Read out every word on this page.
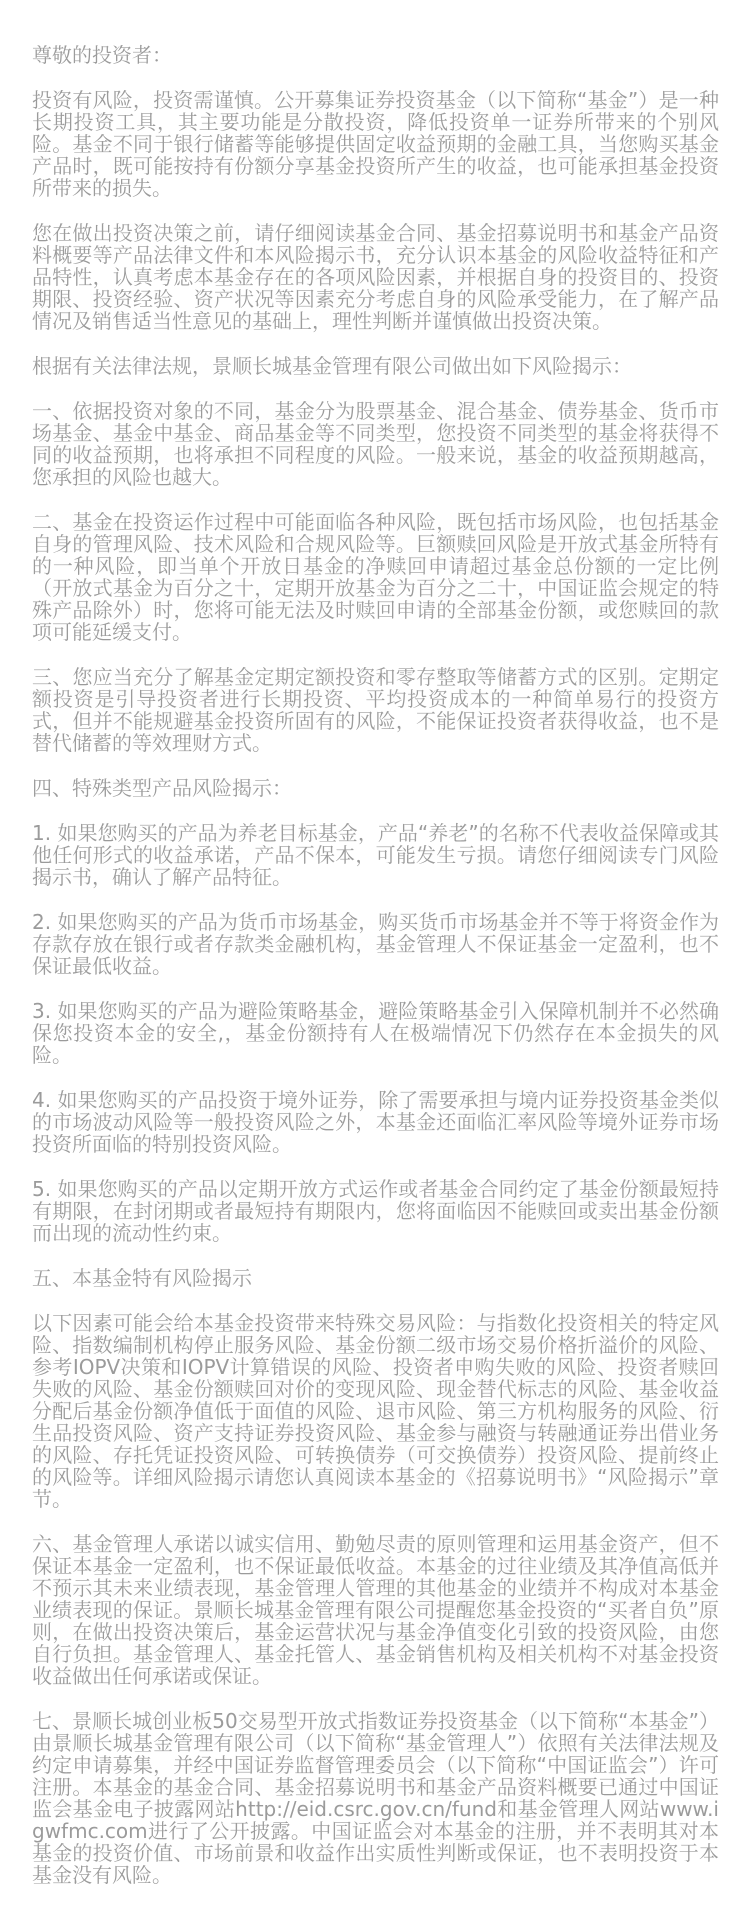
尊敬的投资者：

投资有风险，投资需谨慎。公开募集证券投资基金（以下简称“基金”）是一种长期投资工具，其主要功能是分散投资，降低投资单一证券所带来的个别风险。基金不同于银行储蓄等能够提供固定收益预期的金融工具，当您购买基金产品时，既可能按持有份额分享基金投资所产生的收益，也可能承担基金投资所带来的损失。

您在做出投资决策之前，请仔细阅读基金合同、基金招募说明书和基金产品资料概要等产品法律文件和本风险揭示书，充分认识本基金的风险收益特征和产品特性，认真考虑本基金存在的各项风险因素，并根据自身的投资目的、投资期限、投资经验、资产状况等因素充分考虑自身的风险承受能力，在了解产品情况及销售适当性意见的基础上，理性判断并谨慎做出投资决策。

根据有关法律法规，景顺长城基金管理有限公司做出如下风险揭示：

一、依据投资对象的不同，基金分为股票基金、混合基金、债券基金、货币市场基金、基金中基金、商品基金等不同类型，您投资不同类型的基金将获得不同的收益预期，也将承担不同程度的风险。一般来说，基金的收益预期越高，您承担的风险也越大。

二、基金在投资运作过程中可能面临各种风险，既包括市场风险，也包括基金自身的管理风险、技术风险和合规风险等。巨额赎回风险是开放式基金所特有的一种风险，即当单个开放日基金的净赎回申请超过基金总份额的一定比例（开放式基金为百分之十，定期开放基金为百分之二十，中国证监会规定的特殊产品除外）时，您将可能无法及时赎回申请的全部基金份额，或您赎回的款项可能延缓支付。

三、您应当充分了解基金定期定额投资和零存整取等储蓄方式的区别。定期定额投资是引导投资者进行长期投资、平均投资成本的一种简单易行的投资方式，但并不能规避基金投资所固有的风险，不能保证投资者获得收益，也不是替代储蓄的等效理财方式。

四、特殊类型产品风险揭示：

1. 如果您购买的产品为养老目标基金，产品“养老”的名称不代表收益保障或其他任何形式的收益承诺，产品不保本，可能发生亏损。请您仔细阅读专门风险揭示书，确认了解产品特征。

2. 如果您购买的产品为货币市场基金，购买货币市场基金并不等于将资金作为存款存放在银行或者存款类金融机构，基金管理人不保证基金一定盈利，也不保证最低收益。

3. 如果您购买的产品为避险策略基金，避险策略基金引入保障机制并不必然确保您投资本金的安全,，基金份额持有人在极端情况下仍然存在本金损失的风险。

4. 如果您购买的产品投资于境外证券，除了需要承担与境内证券投资基金类似的市场波动风险等一般投资风险之外，本基金还面临汇率风险等境外证券市场投资所面临的特别投资风险。

5. 如果您购买的产品以定期开放方式运作或者基金合同约定了基金份额最短持有期限，在封闭期或者最短持有期限内，您将面临因不能赎回或卖出基金份额而出现的流动性约束。

五、本基金特有风险揭示

以下因素可能会给本基金投资带来特殊交易风险：与指数化投资相关的特定风险、指数编制机构停止服务风险、基金份额二级市场交易价格折溢价的风险、参考IOPV决策和IOPV计算错误的风险、投资者申购失败的风险、投资者赎回失败的风险、基金份额赎回对价的变现风险、现金替代标志的风险、基金收益分配后基金份额净值低于面值的风险、退市风险、第三方机构服务的风险、衍生品投资风险、资产支持证券投资风险、基金参与融资与转融通证券出借业务的风险、存托凭证投资风险、可转换债券（可交换债券）投资风险、提前终止的风险等。详细风险揭示请您认真阅读本基金的《招募说明书》“风险揭示”章节。

六、基金管理人承诺以诚实信用、勤勉尽责的原则管理和运用基金资产，但不保证本基金一定盈利，也不保证最低收益。本基金的过往业绩及其净值高低并不预示其未来业绩表现，基金管理人管理的其他基金的业绩并不构成对本基金业绩表现的保证。景顺长城基金管理有限公司提醒您基金投资的“买者自负”原则，在做出投资决策后，基金运营状况与基金净值变化引致的投资风险，由您自行负担。基金管理人、基金托管人、基金销售机构及相关机构不对基金投资收益做出任何承诺或保证。

七、景顺长城创业板50交易型开放式指数证券投资基金（以下简称“本基金”）由景顺长城基金管理有限公司（以下简称“基金管理人”）依照有关法律法规及约定申请募集，并经中国证券监督管理委员会（以下简称“中国证监会”）许可注册。本基金的基金合同、基金招募说明书和基金产品资料概要已通过中国证监会基金电子披露网站http://eid.csrc.gov.cn/fund和基金管理人网站www.igwfmc.com进行了公开披露。中国证监会对本基金的注册，并不表明其对本基金的投资价值、市场前景和收益作出实质性判断或保证，也不表明投资于本基金没有风险。
